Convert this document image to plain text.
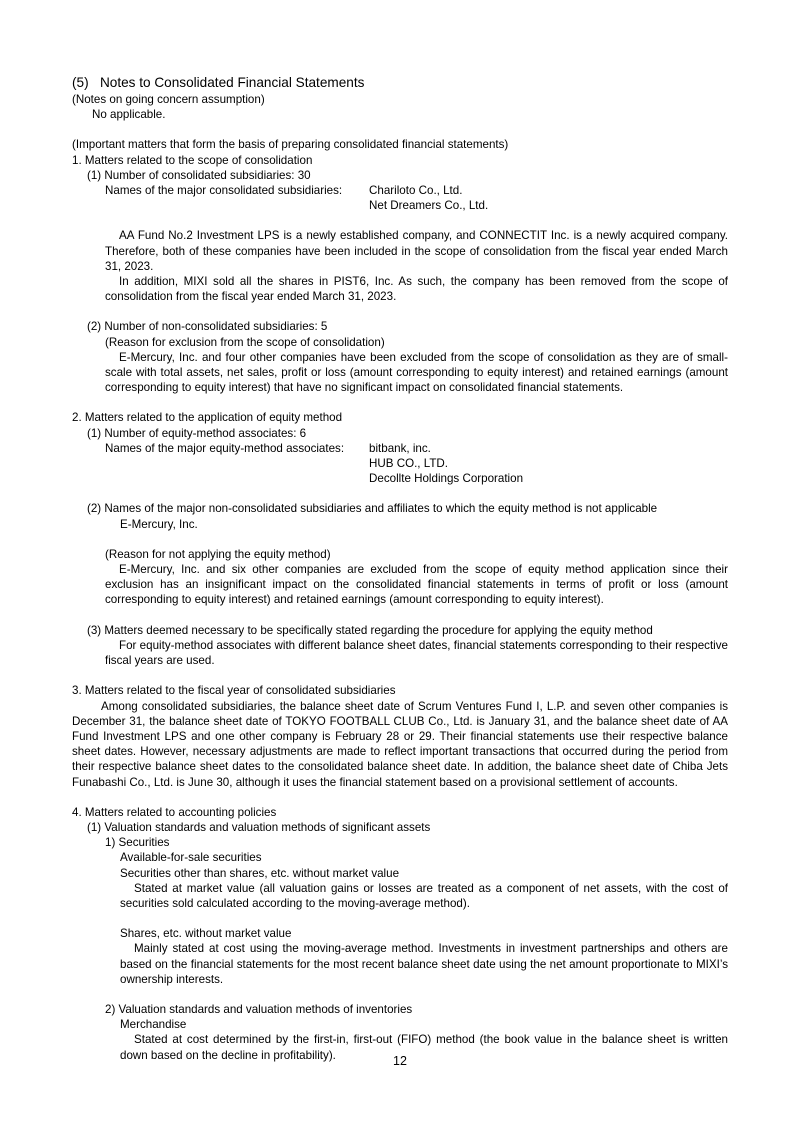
(5)   Notes to Consolidated Financial Statements
(Notes on going concern assumption)
No applicable.
(Important matters that form the basis of preparing consolidated financial statements)
1. Matters related to the scope of consolidation
(1) Number of consolidated subsidiaries: 30
Names of the major consolidated subsidiaries:	Chariloto Co., Ltd.
Net Dreamers Co., Ltd.
AA Fund No.2 Investment LPS is a newly established company, and CONNECTIT Inc. is a newly acquired company. Therefore, both of these companies have been included in the scope of consolidation from the fiscal year ended March 31, 2023.
In addition, MIXI sold all the shares in PIST6, Inc. As such, the company has been removed from the scope of consolidation from the fiscal year ended March 31, 2023.
(2) Number of non-consolidated subsidiaries: 5
(Reason for exclusion from the scope of consolidation)
E-Mercury, Inc. and four other companies have been excluded from the scope of consolidation as they are of small-scale with total assets, net sales, profit or loss (amount corresponding to equity interest) and retained earnings (amount corresponding to equity interest) that have no significant impact on consolidated financial statements.
2. Matters related to the application of equity method
(1) Number of equity-method associates: 6
Names of the major equity-method associates:	bitbank, inc.
HUB CO., LTD.
Decollte Holdings Corporation
(2) Names of the major non-consolidated subsidiaries and affiliates to which the equity method is not applicable
E-Mercury, Inc.
(Reason for not applying the equity method)
E-Mercury, Inc. and six other companies are excluded from the scope of equity method application since their exclusion has an insignificant impact on the consolidated financial statements in terms of profit or loss (amount corresponding to equity interest) and retained earnings (amount corresponding to equity interest).
(3) Matters deemed necessary to be specifically stated regarding the procedure for applying the equity method
For equity-method associates with different balance sheet dates, financial statements corresponding to their respective fiscal years are used.
3. Matters related to the fiscal year of consolidated subsidiaries
Among consolidated subsidiaries, the balance sheet date of Scrum Ventures Fund I, L.P. and seven other companies is December 31, the balance sheet date of TOKYO FOOTBALL CLUB Co., Ltd. is January 31, and the balance sheet date of AA Fund Investment LPS and one other company is February 28 or 29. Their financial statements use their respective balance sheet dates. However, necessary adjustments are made to reflect important transactions that occurred during the period from their respective balance sheet dates to the consolidated balance sheet date. In addition, the balance sheet date of Chiba Jets Funabashi Co., Ltd. is June 30, although it uses the financial statement based on a provisional settlement of accounts.
4. Matters related to accounting policies
(1) Valuation standards and valuation methods of significant assets
1) Securities
Available-for-sale securities
Securities other than shares, etc. without market value
Stated at market value (all valuation gains or losses are treated as a component of net assets, with the cost of securities sold calculated according to the moving-average method).
Shares, etc. without market value
Mainly stated at cost using the moving-average method. Investments in investment partnerships and others are based on the financial statements for the most recent balance sheet date using the net amount proportionate to MIXI’s ownership interests.
2) Valuation standards and valuation methods of inventories
Merchandise
Stated at cost determined by the first-in, first-out (FIFO) method (the book value in the balance sheet is written down based on the decline in profitability).	12
